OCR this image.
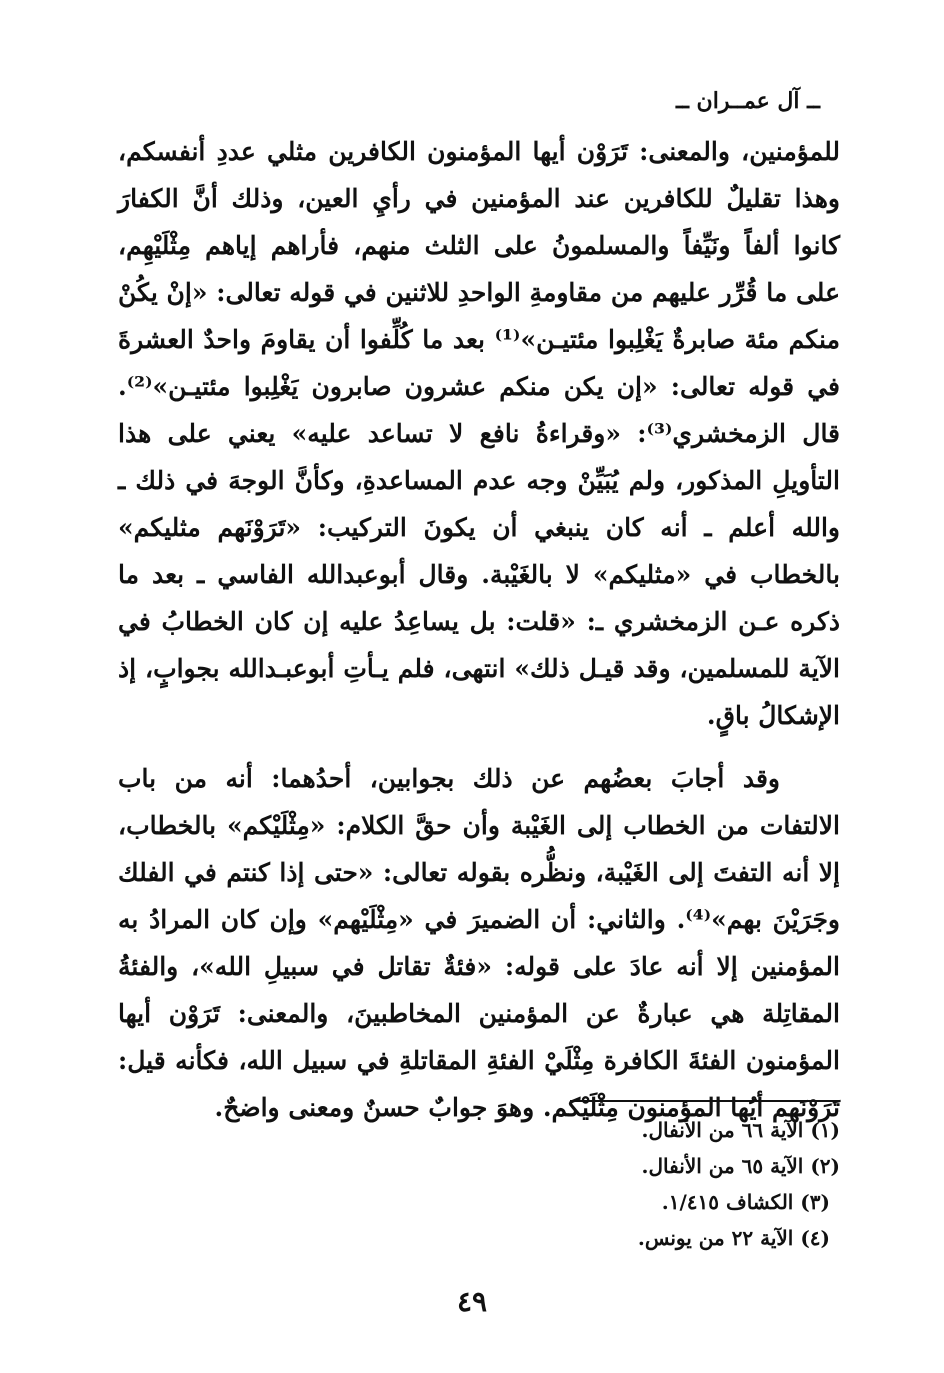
ــ آل عمــران ــ

للمؤمنين، والمعنى: تَرَوْن أيها المؤمنون الكافرين مثلي عددِ أنفسكم، وهذا تقليلٌ للكافرين عند المؤمنين في رأيِ العين، وذلك أنَّ الكفارَ كانوا ألفاً ونَيِّفاً والمسلمونُ على الثلث منهم، فأراهم إياهم مِثْلَيْهِم، على ما قُرِّر عليهم من مقاومةِ الواحدِ للاثنين في قوله تعالى: «إنْ يكُنْ منكم مئة صابرةٌ يَغْلِبوا مئتيـن»⁽¹⁾ بعد ما كُلِّفوا أن يقاومَ واحدٌ العشرةَ في قوله تعالى: «إن يكن منكم عشرون صابرون يَغْلِبوا مئتيـن»⁽²⁾. قال الزمخشري⁽³⁾: «وقراءةُ نافع لا تساعد عليه» يعني على هذا التأويلِ المذكور، ولم يُبَيِّنْ وجه عدم المساعدةِ، وكأنَّ الوجهَ في ذلك ـ والله أعلم ـ أنه كان ينبغي أن يكونَ التركيب: «تَرَوْنَهم مثليكم» بالخطاب في «مثليكم» لا بالغَيْبة. وقال أبوعبدالله الفاسي ـ بعد ما ذكره عـن الزمخشري ـ: «قلت: بل يساعِدُ عليه إن كان الخطابُ في الآية للمسلمين، وقد قيـل ذلك» انتهى، فلم يـأتِ أبوعبـدالله بجوابٍ، إذ الإشكالُ باقٍ.

وقد أجابَ بعضُهم عن ذلك بجوابين، أحدُهما: أنه من باب الالتفات من الخطاب إلى الغَيْبة وأن حقَّ الكلام: «مِثْلَيْكم» بالخطاب، إلا أنه التفتَ إلى الغَيْبة، ونظُّره بقوله تعالى: «حتى إذا كنتم في الفلك وجَرَيْنَ بهم»⁽⁴⁾. والثاني: أن الضميرَ في «مِثْلَيْهم» وإن كان المرادُ به المؤمنين إلا أنه عادَ على قوله: «فئةٌ تقاتل في سبيلِ الله»، والفئةُ المقاتِلة هي عبارةٌ عن المؤمنين المخاطبينَ، والمعنى: تَرَوْن أيها المؤمنون الفئةَ الكافرة مِثْلَيْ الفئةِ المقاتلةِ في سبيل الله، فكأنه قيل: تَرَوْنَهم أيُها المؤمنون مِثْلَيْكم. وهوَ جوابٌ حسنٌ ومعنى واضحٌ.

(١) الآية ٦٦ من الأنفال.
(٢) الآية ٦٥ من الأنفال.
(٣) الكشاف ١/٤١٥.
(٤) الآية ٢٢ من يونس.
٤٩
